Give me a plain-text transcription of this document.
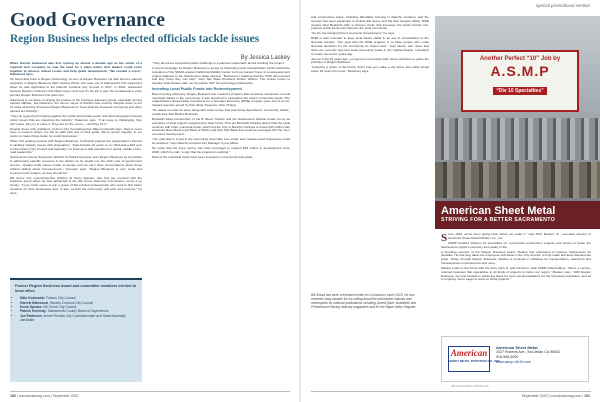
Good Governance
Region Business helps elected officials tackle issues

By Jessica Laskey

When Garrett Gatewood was first coming up almost a decade ago as the owner of a regional tech company, he saw the need for a place where tech leaders could come together to discuss shared issues and help guide development. “We needed a voice,” Gatewood says.

He found that voice in Region Technology, an arm of Region Business. He also found a staunch supporter in Region Business CEO Joshua Wood, who was one of Gatewood’s first supporters when he was appointed to the Rancho Cordova City Council in 2017. In 2021, Gatewood became Rancho Cordova’s first black mayor, and now it’s his job to give his constituents a voice just like Region Business first gave him.

Gatewood is not alone in singing the praises of the business advocacy group, especially among elected officials. Joe Patterson, the former mayor of Rocklin who recently stepped down to run for state assembly, first joined Region Business to “hear what the business community and other elected are thinking.”

“They do a good job bringing together the public and private sector and discussing laser-focused policy issues that are impacting the industry,” Patterson says. “If an issue is challenging, they don’t pass, they try to solve it. They aim for the moon — and they hit it.”

Despite these lofty ambitions, Folsom City Councilmember Mike Kozlowski says “there’s never been a moment where I’ve felt at odds with any of their goals. We’ve grown together in our desire to make things better for small businesses.”

When first getting involved with Region Business, Kozlowski praised the organization’s interest in tackling industry issues with pragmatism. “Fast-forward 10 years to my third-and-a-half year on the Folsom City Council and hopefully I’ve lived up to that aspiration for useful, middle-of-the-road leadership.”

Sacramento County Supervisor (District 2) Patrick Kennedy sees Region Business as a lynchpin in addressing specific concerns in his district as he heads into his ninth year of government service. “Quality-of-life issues matter to people and we can’t have conversations about those without talking about homelessness,” Kennedy says. “Region Business is very vocal and involved in the subject, as they should be.”

Elk Grove City Councilmember (District 3) Kevin Spease, who first got involved with the business group when he was appointed to the Elk Grove Planning Commission, sums it up simply: “It just made sense to join a group of like-minded professionals who work to find better solutions for their businesses and, in turn, benefit the community with jobs and revenue,” he says.

Former Region Business board and committee members elected to local office

• Mike Kozlowski, Folsom City Council
• Garrett Gatewood, Rancho Cordova City Council
• Kevin Spease, Elk Grove City Council
• Patrick Kennedy, Sacramento County Board of Supervisors
• Joe Patterson, former Rocklin City Councilmember and State Assembly candidate

“They also led a successful public challenge to a planned referendum aimed at killing the project.”

A recent campaign by Region Business is aimed at channeling local transportation funds toward the relocation of the SMUD-created California Mobility Center to its permanent home in a redevelopment project adjacent to the Sacramento State campus. “Business is realizing that the CMC will succeed and they know they can help,” says Sac State President Robert Nelsen. The school hopes to develop what Nelsen calls “an innovation hub” for technology-related jobs.

Investing Local Public Funds Into Redevelopment

Beyond policy advocacy, Region Business has created a program that increases investment of local municipal dollars in the community. It was launched to strengthen the area’s community banks. The organization’s Responsible Investment for a Stronger Economy (RISE) program grew out of an oft-handed question posed by then-State Treasurer John Chiang.

“He asked us what we were doing with state money that was being deposited in community banks,” recalls Five Star Bank’s Beckwith.

Beckwith listed construction of the B Street Theatre and the Sacramento Natural Foods Co-op as examples of local projects supported by state funds. That got Beckwith thinking about what the bank could do with other municipal funds, which led the City of Rancho Cordova to invest $10 million with American River Bank (now Bank of Marin) and Five Star Bank that could be leveraged into the city’s economic development.

“Our goal was to invest in the community and make sure small- and medium-sized businesses could be assisted,” says Rancho Cordova City Manager Cyrus Abhar.

He notes that the city’s money has been leveraged to support $45 million in development since 2018, which he calls “a sign that the program is working.”

Most of the municipal funds have been invested in commercial real estate

100 | comstocksmag.com | September 2022
special promotional section

and construction loans, including affordable housing in Rancho Cordova, and the concept has seen expansion to include Elk Grove and the San Joaquin Valley. RISE creates what Beckwith calls “a virtuous circle” that increases the bank’s bottom line, protects public funds and improves the local community.

“It’s the low-hanging fruit of economic development,” he says.

RISE is also intended to keep local banks viable in an era of consolidation in the financial industry. “Our goal with the RISE program is to have people who make financial decisions for the community be based here,” says Wood, who notes that there are currently only four local community banks in the Capital Region, compared to nearly two dozen years ago.

Just as it did 15 years ago, a long-term community-wide focus continues to guide the priorities of Region Business.

“Fostering a vision of the future, that’s how you make a city thrive and make things better 25 years from now,” Mulvaney says.

Bill Sessa has been a freelance writer for Comstock’s since 2015. He has received many awards for his writing about the automotive industry and motorsports for national publications including Speed Sport, Autoweek and Performance Racing Industry magazines and for the Napa Valley Register.

Another Perfect “10” Job by
A.S.M.P
“Div 10 Specialties”
American Sheet Metal
STRIVING FOR A BETTER SACRAMENTO

Since 1934, we’ve been giving back where we make it,” says Rich Meeker, Sr., executive director of American Sheet Metal Partition Co., Inc.

ASMP handles Division 10 specialties on commercial construction projects and strives to better the Sacramento region’s economy and quality of life.

A founding member of the Region Business board, Meeker has advocated to improve Sacramento for decades. He has long taken his employees and ideas to the City Council, to help make and keep Sacramento great. Today, through Region Business, Meeker is involved in initiatives for transportation, waterfront and homelessness improvements and more.

Meeker looks to the future with his sons, Rich Jr. and Cameron, both ASMP shareholders. “We’re a service-oriented business that specializes in all kinds of projects to better our region,” Meeker says. “With Region Business, we look forward to achieving plans for more accommodations for the homeless population, and as a company, we’re eager to work on those projects.”

American
SHEET METAL PARTITION CO., INC.
American Sheet Metal
1027 Roberts Ave., McClellan CA 95652
916-568-6000
www.asmp-div10.com
SPONSORED PROFILE
September 2022 | comstocksmag.com | 101
